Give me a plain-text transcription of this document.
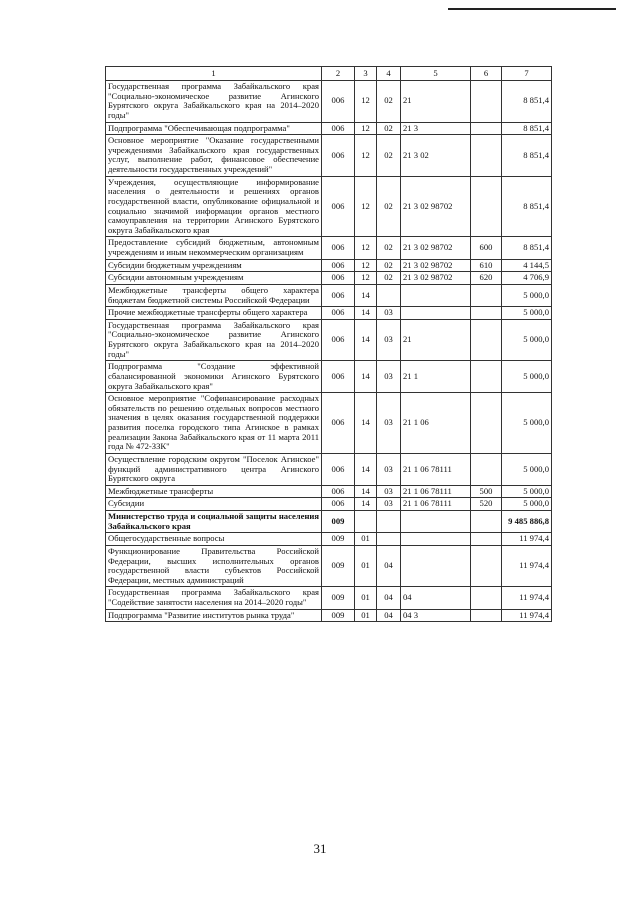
1	2	3	4	5	6	7
Государственная программа Забайкальского края "Социально-экономическое развитие Агинского Бурятского округа Забайкальского края на 2014–2020 годы"	006	12	02	21		8 851,4
Подпрограмма "Обеспечивающая подпрограмма"	006	12	02	21 3		8 851,4
Основное мероприятие "Оказание государственными учреждениями Забайкальского края государственных услуг, выполнение работ, финансовое обеспечение деятельности государственных учреждений"	006	12	02	21 3 02		8 851,4
Учреждения, осуществляющие информирование населения о деятельности и решениях органов государственной власти, опубликование официальной и социально значимой информации органов местного самоуправления на территории Агинского Бурятского округа Забайкальского края	006	12	02	21 3 02 98702		8 851,4
Предоставление субсидий бюджетным, автономным учреждениям и иным некоммерческим организациям	006	12	02	21 3 02 98702	600	8 851,4
Субсидии бюджетным учреждениям	006	12	02	21 3 02 98702	610	4 144,5
Субсидии автономным учреждениям	006	12	02	21 3 02 98702	620	4 706,9
Межбюджетные трансферты общего характера бюджетам бюджетной системы Российской Федерации	006	14				5 000,0
Прочие межбюджетные трансферты общего характера	006	14	03			5 000,0
Государственная программа Забайкальского края "Социально-экономическое развитие Агинского Бурятского округа Забайкальского края на 2014–2020 годы"	006	14	03	21		5 000,0
Подпрограмма "Создание эффективной сбалансированной экономики Агинского Бурятского округа Забайкальского края"	006	14	03	21 1		5 000,0
Основное мероприятие "Софинансирование расходных обязательств по решению отдельных вопросов местного значения в целях оказания государственной поддержки развития поселка городского типа Агинское в рамках реализации Закона Забайкальского края от 11 марта 2011 года № 472-ЗЗК"	006	14	03	21 1 06		5 000,0
Осуществление городским округом "Поселок Агинское" функций административного центра Агинского Бурятского округа	006	14	03	21 1 06 78111		5 000,0
Межбюджетные трансферты	006	14	03	21 1 06 78111	500	5 000,0
Субсидии	006	14	03	21 1 06 78111	520	5 000,0
Министерство труда и социальной защиты населения Забайкальского края	009					9 485 886,8
Общегосударственные вопросы	009	01				11 974,4
Функционирование Правительства Российской Федерации, высших исполнительных органов государственной власти субъектов Российской Федерации, местных администраций	009	01	04			11 974,4
Государственная программа Забайкальского края "Содействие занятости населения на 2014–2020 годы"	009	01	04	04		11 974,4
Подпрограмма "Развитие институтов рынка труда"	009	01	04	04 3		11 974,4
31
